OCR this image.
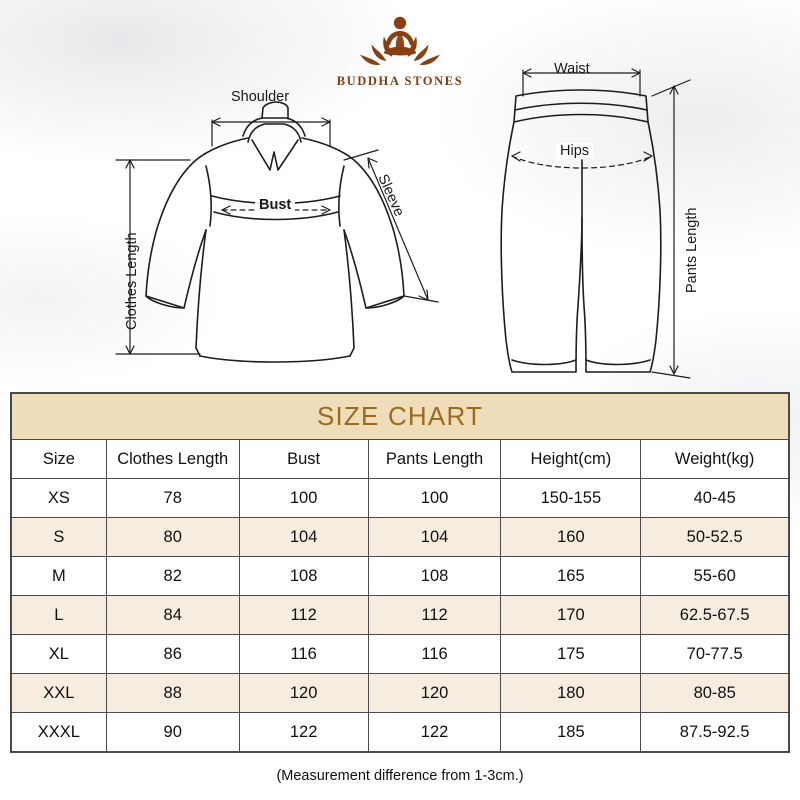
BUDDHA STONES
Shoulder
Bust
Clothes Length
Sleeve
Waist
Hips
Pants Length
SIZE CHART					
Size	Clothes Length	Bust	Pants Length	Height(cm)	Weight(kg)
XS	78	100	100	150-155	40-45
S	80	104	104	160	50-52.5
M	82	108	108	165	55-60
L	84	112	112	170	62.5-67.5
XL	86	116	116	175	70-77.5
XXL	88	120	120	180	80-85
XXXL	90	122	122	185	87.5-92.5
(Measurement difference from 1-3cm.)
